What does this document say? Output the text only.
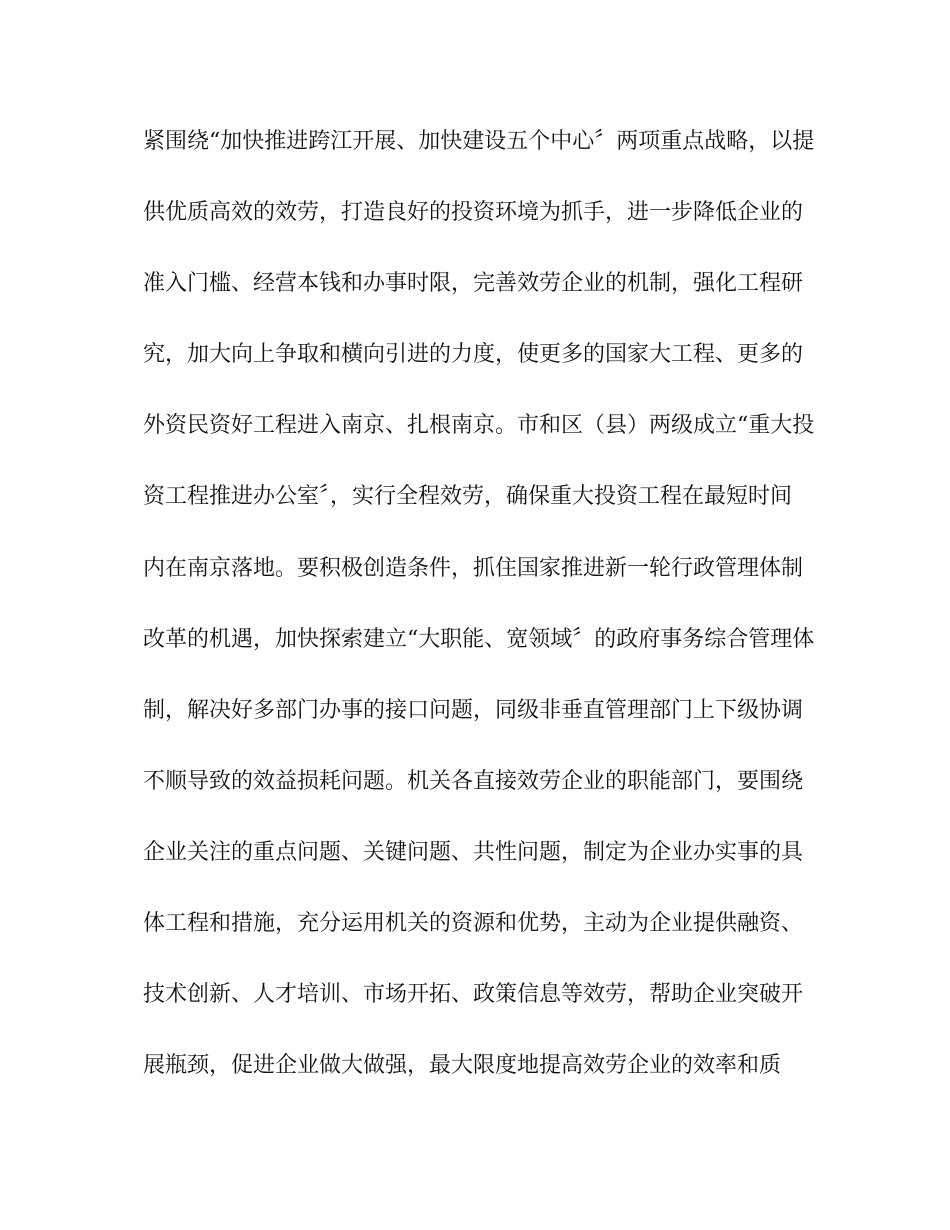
紧围绕“加快推进跨江开展、加快建设五个中心〞两项重点战略，以提
供优质高效的效劳，打造良好的投资环境为抓手，进一步降低企业的
准入门槛、经营本钱和办事时限，完善效劳企业的机制，强化工程研
究，加大向上争取和横向引进的力度，使更多的国家大工程、更多的
外资民资好工程进入南京、扎根南京。市和区（县）两级成立“重大投
资工程推进办公室〞，实行全程效劳，确保重大投资工程在最短时间
内在南京落地。要积极创造条件，抓住国家推进新一轮行政管理体制
改革的机遇，加快探索建立“大职能、宽领域〞的政府事务综合管理体
制，解决好多部门办事的接口问题，同级非垂直管理部门上下级协调
不顺导致的效益损耗问题。机关各直接效劳企业的职能部门，要围绕
企业关注的重点问题、关键问题、共性问题，制定为企业办实事的具
体工程和措施，充分运用机关的资源和优势，主动为企业提供融资、
技术创新、人才培训、市场开拓、政策信息等效劳，帮助企业突破开
展瓶颈，促进企业做大做强，最大限度地提高效劳企业的效率和质
